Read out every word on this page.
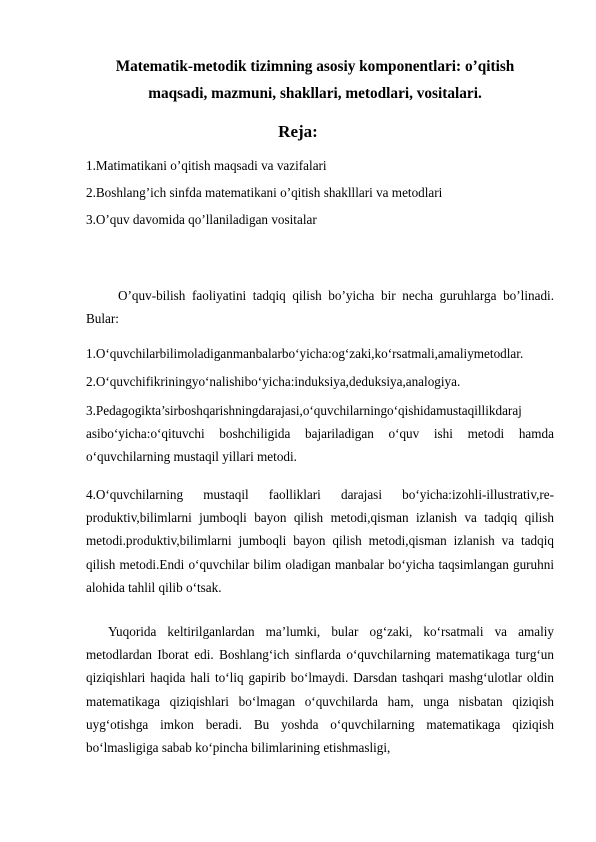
Matematik-metodik tizimning asosiy komponentlari: o’qitish maqsadi, mazmuni, shakllari, metodlari, vositalari.
Reja:
1.Matimatikani o’qitish maqsadi va vazifalari
2.Boshlang’ich sinfda matematikani o’qitish shaklllari va metodlari
3.O’quv davomida qo’llaniladigan vositalar
O’quv-bilish faoliyatini tadqiq qilish bo’yicha bir necha guruhlarga bo’linadi. Bular:
1.O‘quvchilarbilimoladiganmanbalarbo‘yicha:og‘zaki,ko‘rsatmali,amaliymetodlar.
2.O‘quvchifikriningyo‘nalishibo‘yicha:induksiya,deduksiya,analogiya.
3.Pedagogikta’sirboshqarishningdarajasi,o‘quvchilarningo‘qishidamustaqillikdaraj asibo‘yicha:o‘qituvchi boshchiligida bajariladigan o‘quv ishi metodi hamda o‘quvchilarning mustaqil yillari metodi.
4.O‘quvchilarning mustaqil faolliklari darajasi bo‘yicha:izohli-illustrativ,re-produktiv,bilimlarni jumboqli bayon qilish metodi,qisman izlanish va tadqiq qilish metodi.produktiv,bilimlarni jumboqli bayon qilish metodi,qisman izlanish va tadqiq qilish metodi.Endi o‘quvchilar bilim oladigan manbalar bo‘yicha taqsimlangan guruhni alohida tahlil qilib o‘tsak.
Yuqorida keltirilganlardan ma’lumki, bular og‘zaki, ko‘rsatmali va amaliy metodlardan Iborat edi. Boshlang‘ich sinflarda o‘quvchilarning matematikaga turg‘un qiziqishlari haqida hali to‘liq gapirib bo‘lmaydi. Darsdan tashqari mashg‘ulotlar oldin matematikaga qiziqishlari bo‘lmagan o‘quvchilarda ham, unga nisbatan qiziqish uyg‘otishga imkon beradi. Bu yoshda o‘quvchilarning matematikaga qiziqish bo‘lmasligiga sabab ko‘pincha bilimlarining etishmasligi,
